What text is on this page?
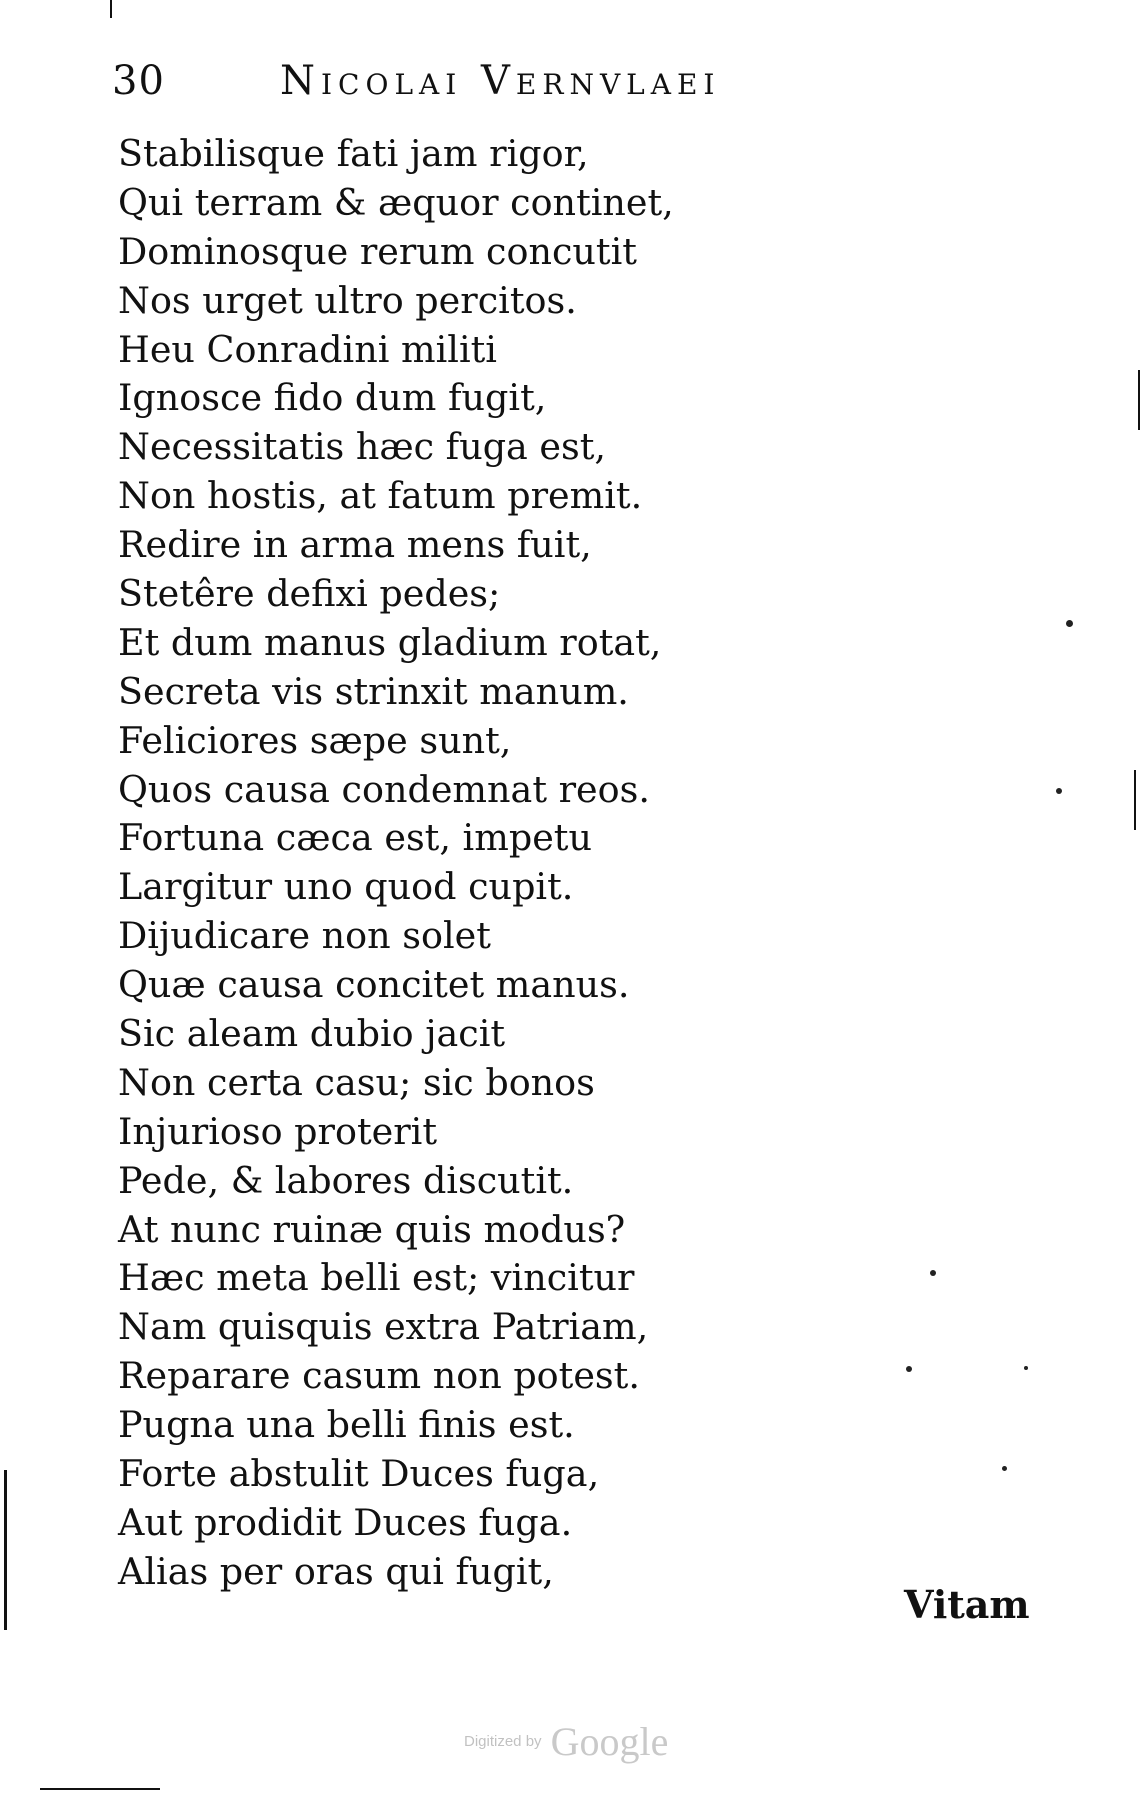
30	Nicolai Vernvlaei
Stabilisque fati jam rigor,
Qui terram & æquor continet,
Dominosque rerum concutit
Nos urget ultro percitos.
Heu Conradini militi
Ignosce fido dum fugit,
Necessitatis hæc fuga est,
Non hostis, at fatum premit.
Redire in arma mens fuit,
Stetêre defixi pedes;
Et dum manus gladium rotat,
Secreta vis strinxit manum.
Feliciores sæpe sunt,
Quos causa condemnat reos.
Fortuna cæca est, impetu
Largitur uno quod cupit.
Dijudicare non solet
Quæ causa concitet manus.
Sic aleam dubio jacit
Non certa casu; sic bonos
Injurioso proterit
Pede, & labores discutit.
At nunc ruinæ quis modus?
Hæc meta belli est; vincitur
Nam quisquis extra Patriam,
Reparare casum non potest.
Pugna una belli finis est.
Forte abstulit Duces fuga,
Aut prodidit Duces fuga.
Alias per oras qui fugit,
Vitam
Digitized by Google
